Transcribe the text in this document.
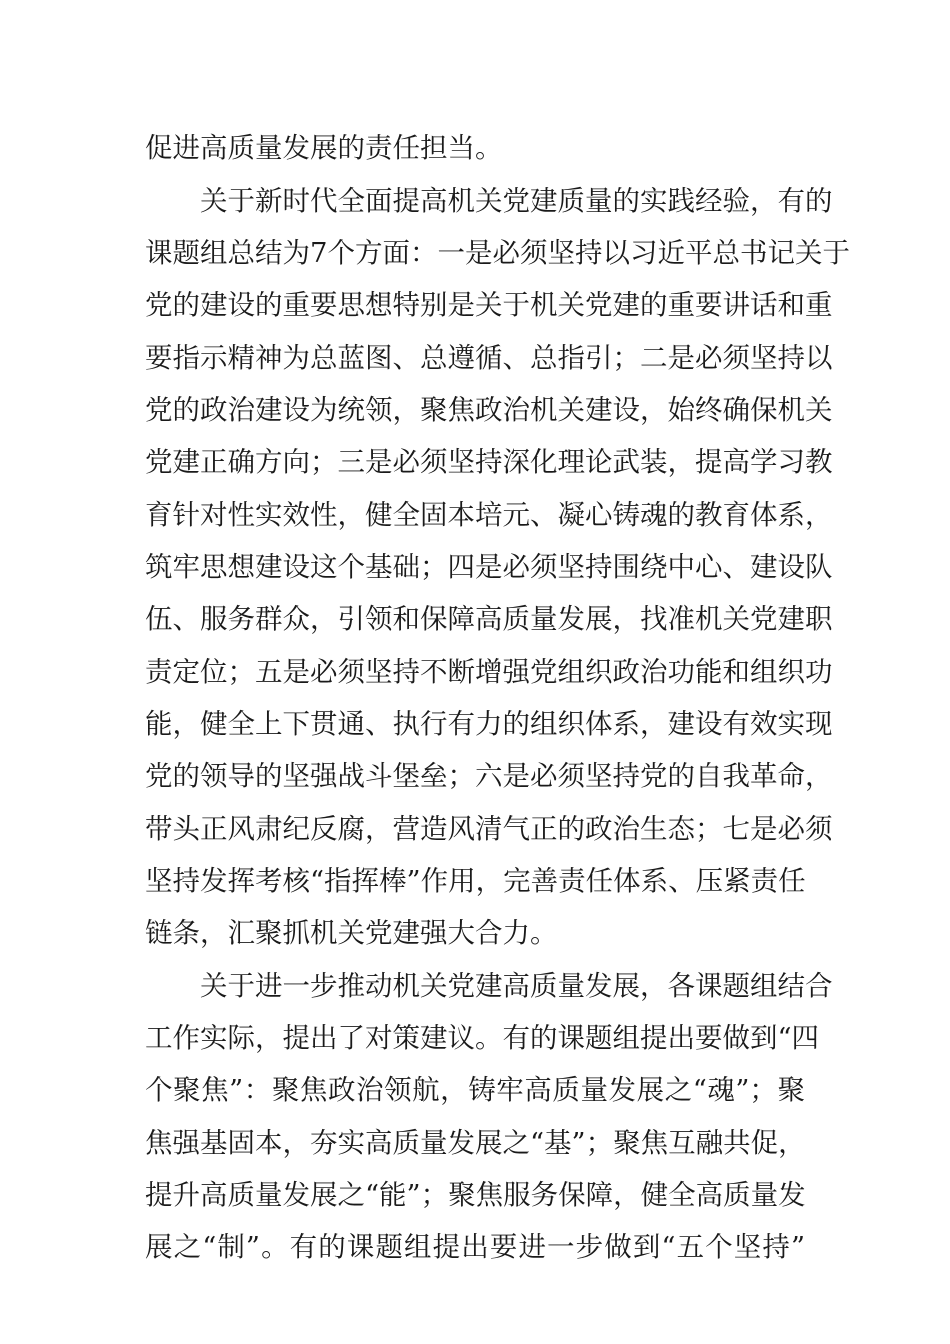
促进高质量发展的责任担当。
关于新时代全面提高机关党建质量的实践经验，有的
课题组总结为7个方面：一是必须坚持以习近平总书记关于
党的建设的重要思想特别是关于机关党建的重要讲话和重
要指示精神为总蓝图、总遵循、总指引；二是必须坚持以
党的政治建设为统领，聚焦政治机关建设，始终确保机关
党建正确方向；三是必须坚持深化理论武装，提高学习教
育针对性实效性，健全固本培元、凝心铸魂的教育体系，
筑牢思想建设这个基础；四是必须坚持围绕中心、建设队
伍、服务群众，引领和保障高质量发展，找准机关党建职
责定位；五是必须坚持不断增强党组织政治功能和组织功
能，健全上下贯通、执行有力的组织体系，建设有效实现
党的领导的坚强战斗堡垒；六是必须坚持党的自我革命，
带头正风肃纪反腐，营造风清气正的政治生态；七是必须
坚持发挥考核“指挥棒”作用，完善责任体系、压紧责任
链条，汇聚抓机关党建强大合力。
关于进一步推动机关党建高质量发展，各课题组结合
工作实际，提出了对策建议。有的课题组提出要做到“四
个聚焦”：聚焦政治领航，铸牢高质量发展之“魂”；聚
焦强基固本，夯实高质量发展之“基”；聚焦互融共促，
提升高质量发展之“能”；聚焦服务保障，健全高质量发
展之“制”。有的课题组提出要进一步做到“五个坚持”
